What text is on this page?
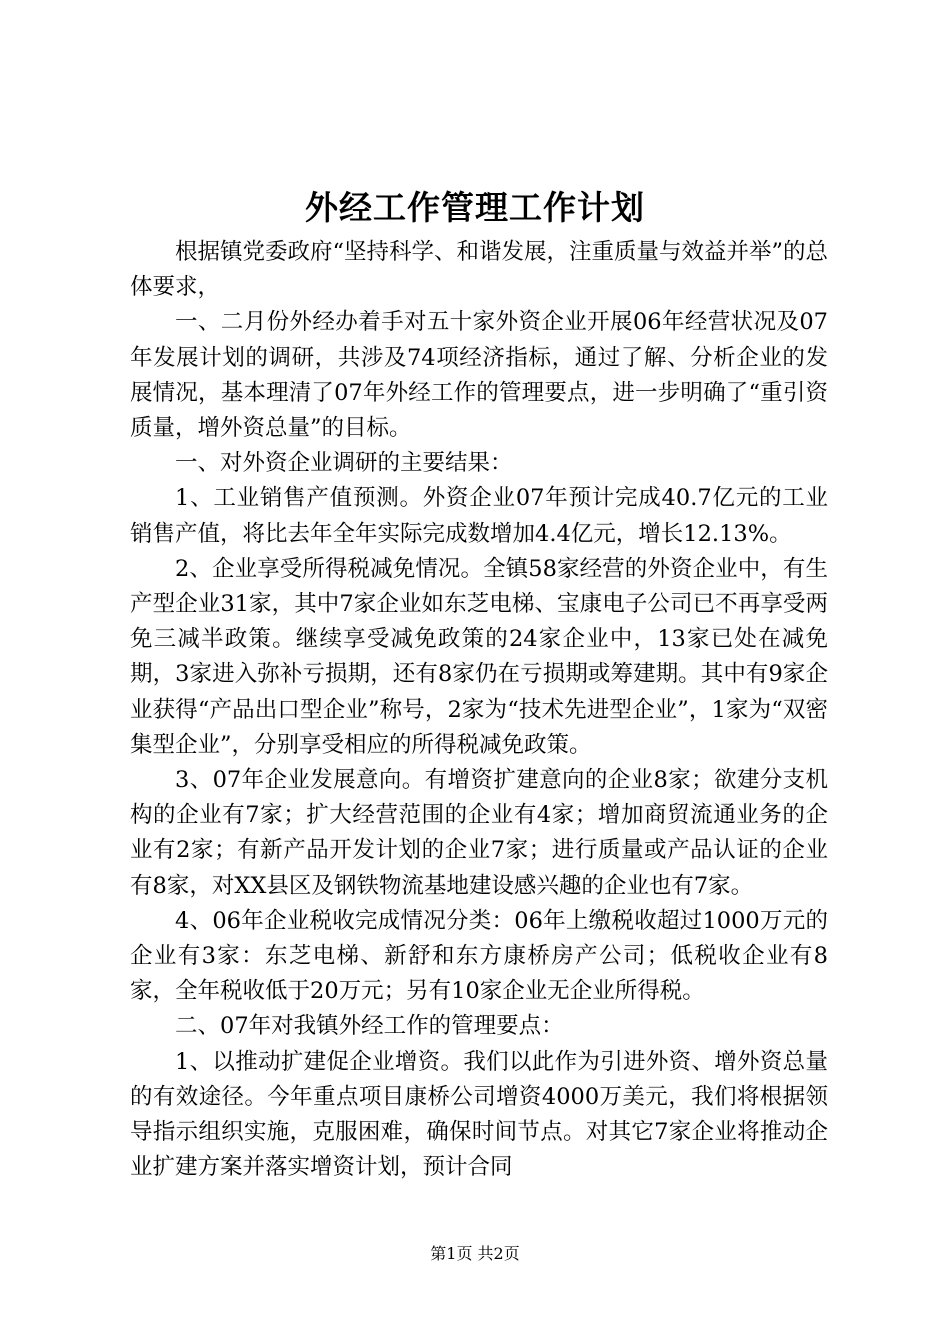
外经工作管理工作计划

根据镇党委政府“坚持科学、和谐发展，注重质量与效益并举”的总体要求，

一、二月份外经办着手对五十家外资企业开展06年经营状况及07年发展计划的调研，共涉及74项经济指标，通过了解、分析企业的发展情况，基本理清了07年外经工作的管理要点，进一步明确了“重引资质量，增外资总量”的目标。

一、对外资企业调研的主要结果：

1、工业销售产值预测。外资企业07年预计完成40.7亿元的工业销售产值，将比去年全年实际完成数增加4.4亿元，增长12.13%。

2、企业享受所得税减免情况。全镇58家经营的外资企业中，有生产型企业31家，其中7家企业如东芝电梯、宝康电子公司已不再享受两免三减半政策。继续享受减免政策的24家企业中，13家已处在减免期，3家进入弥补亏损期，还有8家仍在亏损期或筹建期。其中有9家企业获得“产品出口型企业”称号，2家为“技术先进型企业”，1家为“双密集型企业”，分别享受相应的所得税减免政策。

3、07年企业发展意向。有增资扩建意向的企业8家；欲建分支机构的企业有7家；扩大经营范围的企业有4家；增加商贸流通业务的企业有2家；有新产品开发计划的企业7家；进行质量或产品认证的企业有8家，对XX县区及钢铁物流基地建设感兴趣的企业也有7家。

4、06年企业税收完成情况分类：06年上缴税收超过1000万元的企业有3家：东芝电梯、新舒和东方康桥房产公司；低税收企业有8家，全年税收低于20万元；另有10家企业无企业所得税。

二、07年对我镇外经工作的管理要点：

1、以推动扩建促企业增资。我们以此作为引进外资、增外资总量的有效途径。今年重点项目康桥公司增资4000万美元，我们将根据领导指示组织实施，克服困难，确保时间节点。对其它7家企业将推动企业扩建方案并落实增资计划，预计合同

第1页 共2页
